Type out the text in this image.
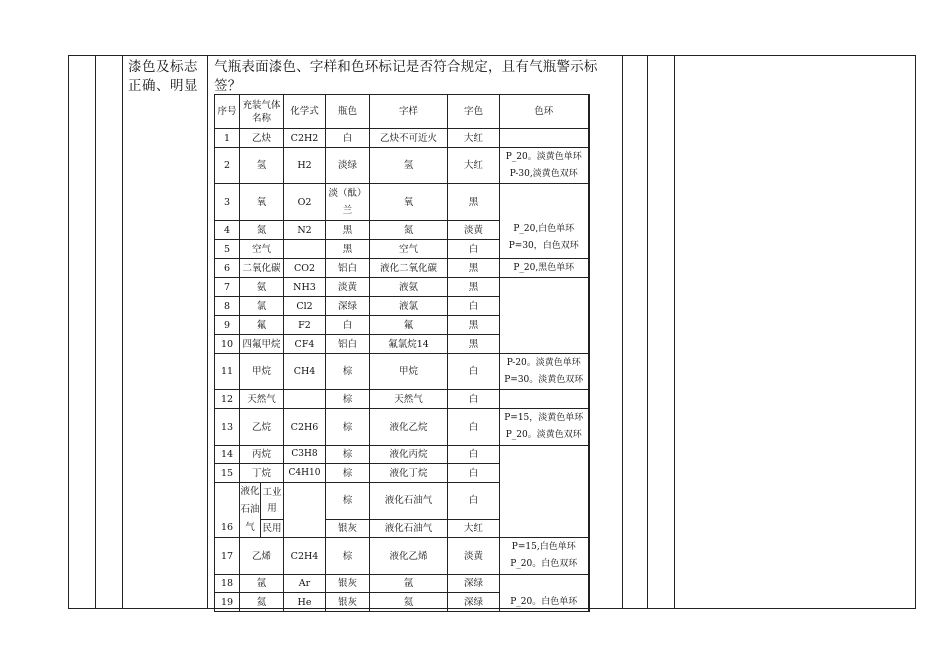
漆色及标志
正确、明显
气瓶表面漆色、字样和色环标记是否符合规定，且有气瓶警示标签？
序号	充装气体名称		化学式	瓶色	字样	字色	色环
1	乙炔		C2H2	白	乙炔不可近火	大红	
2	氢		H2	淡绿	氢	大红	P_20。淡黄色单环
P-30,淡黄色双环

3	氧		O2	淡（酞）兰	氧	黑	P_20,白色单环
P=30，白色双环

4	氮		N2	黑	氮	淡黄	
5	空气			黑	空气	白	
6	二氧化碳		CO2	铝白	液化二氧化碳	黑	P_20,黑色单环
7	氨		NH3	淡黄	液氨	黑	
8	氯		Cl2	深绿	液氯	白	
9	氟		F2	白	氟	黑	
10	四氟甲烷		CF4	铝白	氟氯烷14	黑	
11	甲烷		CH4	棕	甲烷	白	P-20。淡黄色单环
P=30。淡黄色双环

12	天然气			棕	天然气	白	
13	乙烷		C2H6	棕	液化乙烷	白	P=15，淡黄色单环
P_20。淡黄色双环

14	丙烷		C3H8	棕	液化丙烷	白	
15	丁烷		C4H10	棕	液化丁烷	白	
16	液化石油气	工业用		棕	液化石油气	白	
		民用		银灰	液化石油气	大红	
17	乙烯		C2H4	棕	液化乙烯	淡黄	P=15,白色单环
P_20。白色双环

18	氩		Ar	银灰	氩	深绿	P_20。白色单环
19	氦		He	银灰	氦	深绿	
